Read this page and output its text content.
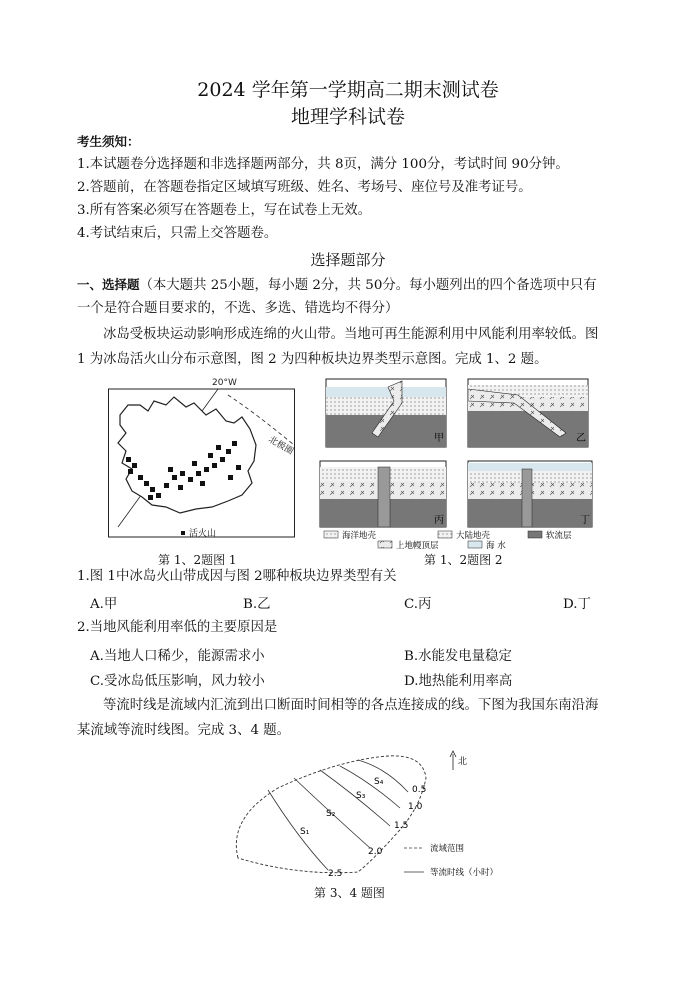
2024 学年第一学期高二期末测试卷
地理学科试卷
考生须知：
1.本试题卷分选择题和非选择题两部分，共 8页，满分 100分，考试时间 90分钟。
2.答题前，在答题卷指定区域填写班级、姓名、考场号、座位号及准考证号。
3.所有答案必须写在答题卷上，写在试卷上无效。
4.考试结束后，只需上交答题卷。
选择题部分
一、选择题（本大题共 25小题，每小题 2分，共 50分。每小题列出的四个备选项中只有
一个是符合题目要求的，不选、多选、错选均不得分）
冰岛受板块运动影响形成连绵的火山带。当地可再生能源利用中风能利用率较低。图
1 为冰岛活火山分布示意图，图 2 为四种板块边界类型示意图。完成 1、2 题。
20°W
北极圈
活火山
第 1、2题图 1
甲	乙
丙	丁
海洋地壳	大陆地壳	软流层
上地幔顶层	海 水
第 1、2题图 2
1.图 1中冰岛火山带成因与图 2哪种板块边界类型有关
A.甲	B.乙	C.丙	D.丁
2.当地风能利用率低的主要原因是
A.当地人口稀少，能源需求小	B.水能发电量稳定
C.受冰岛低压影响，风力较小	D.地热能利用率高
等流时线是流域内汇流到出口断面时间相等的各点连接成的线。下图为我国东南沿海
某流域等流时线图。完成 3、4 题。
S₄
S₃
S₂
S₁
0.5
1.0
1.5
2.0
2.5
北
流域范围
等流时线（小时）
第 3、4 题图
